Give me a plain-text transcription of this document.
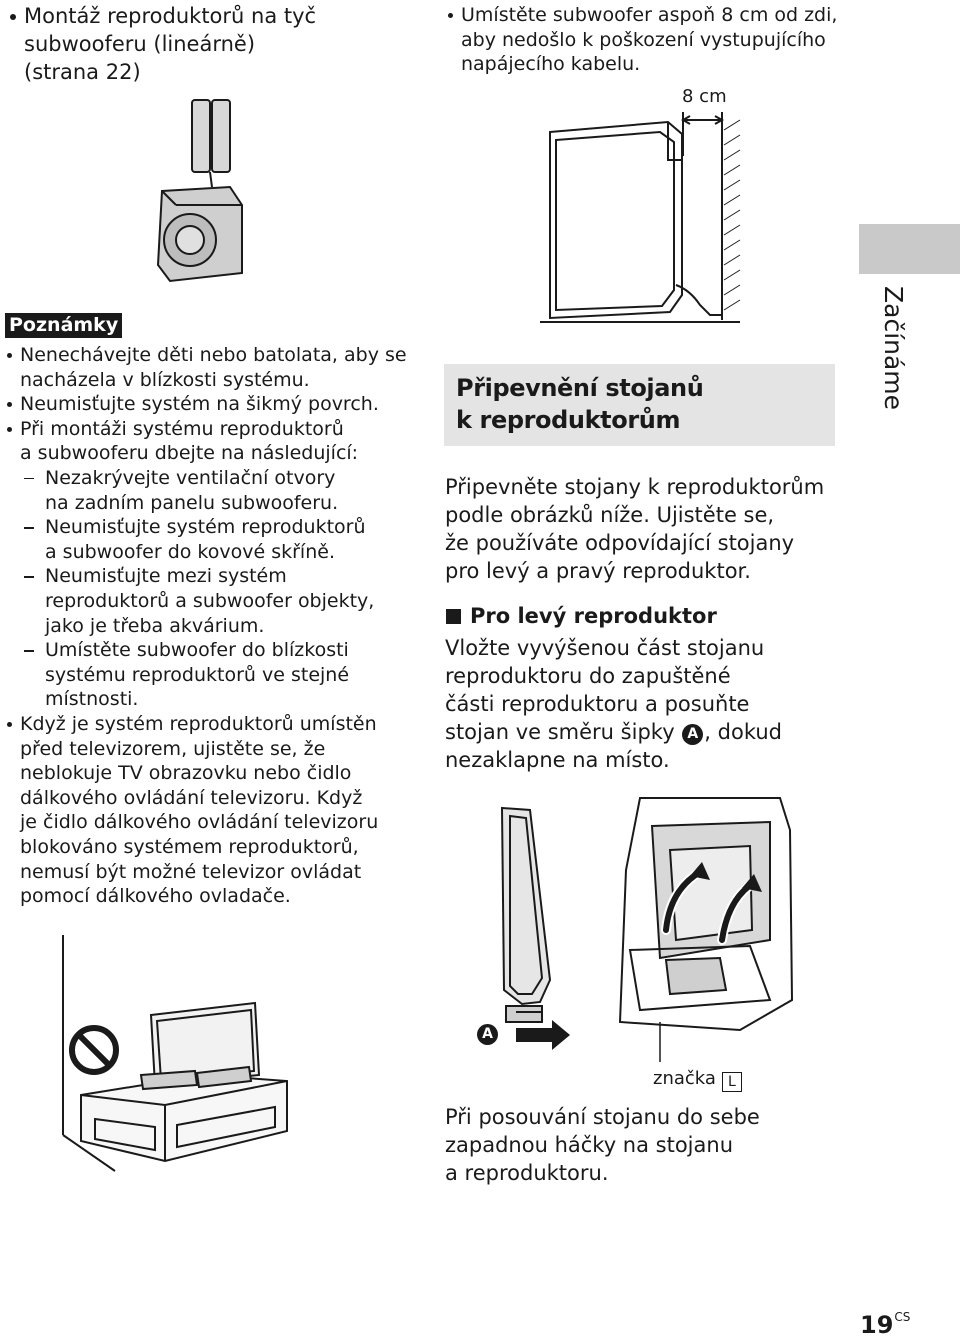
Montáž reproduktorů na tyč
subwooferu (lineárně)
(strana 22)
Umístěte subwoofer aspoň 8 cm od zdi,
aby nedošlo k poškození vystupujícího
napájecího kabelu.
8 cm
Poznámky
Nenechávejte děti nebo batolata, aby se
nacházela v blízkosti systému.
Neumisťujte systém na šikmý povrch.
Při montáži systému reproduktorů
a subwooferu dbejte na následující:
Nezakrývejte ventilační otvory
na zadním panelu subwooferu.
Neumisťujte systém reproduktorů
a subwoofer do kovové skříně.
Neumisťujte mezi systém
reproduktorů a subwoofer objekty,
jako je třeba akvárium.
Umístěte subwoofer do blízkosti
systému reproduktorů ve stejné
místnosti.
Když je systém reproduktorů umístěn
před televizorem, ujistěte se, že
neblokuje TV obrazovku nebo čidlo
dálkového ovládání televizoru. Když
je čidlo dálkového ovládání televizoru
blokováno systémem reproduktorů,
nemusí být možné televizor ovládat
pomocí dálkového ovladače.
Připevnění stojanů
k reproduktorům
Připevněte stojany k reproduktorům
podle obrázků níže. Ujistěte se,
že používáte odpovídající stojany
pro levý a pravý reproduktor.
Pro levý reproduktor
Vložte vyvýšenou část stojanu
reproduktoru do zapuštěné
části reproduktoru a posuňte
stojan ve směru šipky A , dokud
nezaklapne na místo.
A
značka L
Při posouvání stojanu do sebe
zapadnou háčky na stojanu
a reproduktoru.
Začínáme
$19^{CS}$
